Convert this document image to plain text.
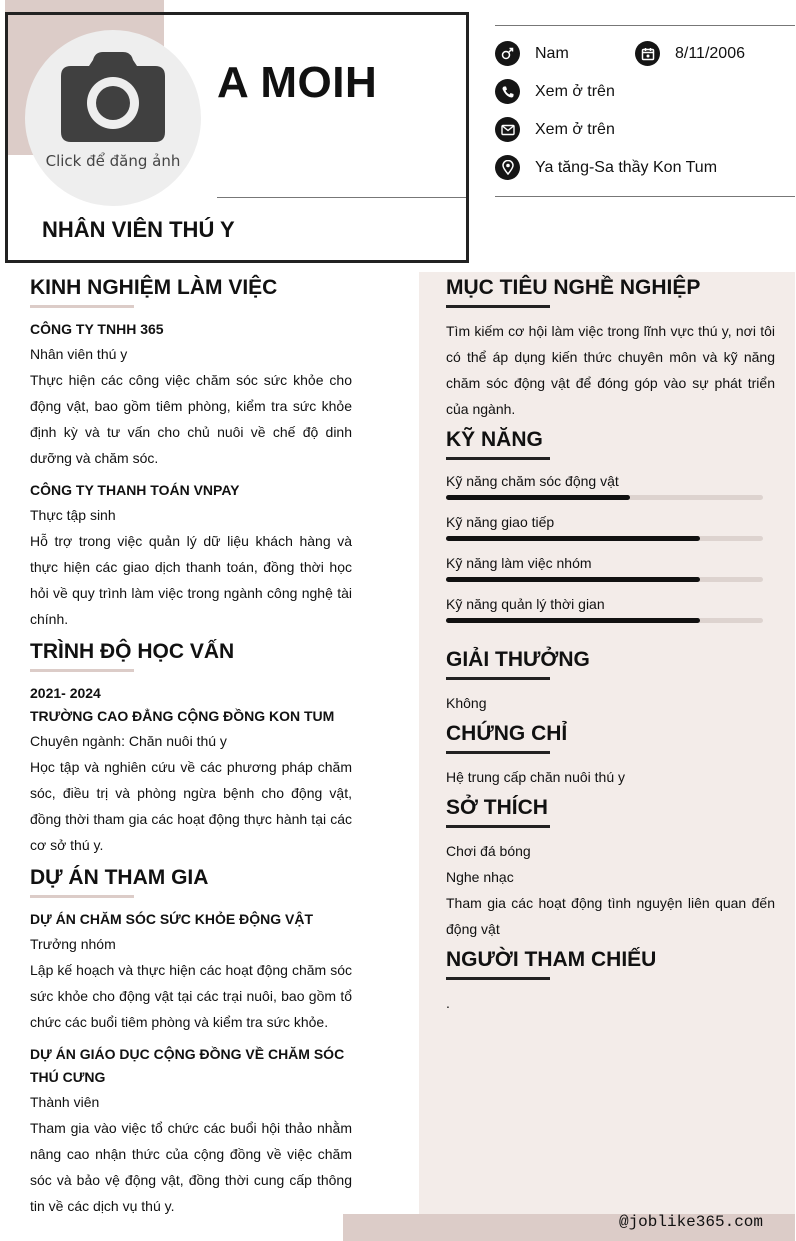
Click để đăng ảnh
A MOIH
NHÂN VIÊN THÚ Y
Nam	8/11/2006
Xem ở trên
Xem ở trên
Ya tăng-Sa thầy Kon Tum
@joblike365.com
KINH NGHIỆM LÀM VIỆC
CÔNG TY TNHH 365
Nhân viên thú y
Thực hiện các công việc chăm sóc sức khỏe cho động vật, bao gồm tiêm phòng, kiểm tra sức khỏe định kỳ và tư vấn cho chủ nuôi về chế độ dinh dưỡng và chăm sóc.
CÔNG TY THANH TOÁN VNPAY
Thực tập sinh
Hỗ trợ trong việc quản lý dữ liệu khách hàng và thực hiện các giao dịch thanh toán, đồng thời học hỏi về quy trình làm việc trong ngành công nghệ tài chính.
TRÌNH ĐỘ HỌC VẤN
2021- 2024
TRƯỜNG CAO ĐẲNG CỘNG ĐỒNG KON TUM
Chuyên ngành: Chăn nuôi thú y
Học tập và nghiên cứu về các phương pháp chăm sóc, điều trị và phòng ngừa bệnh cho động vật, đồng thời tham gia các hoạt động thực hành tại các cơ sở thú y.
DỰ ÁN THAM GIA
DỰ ÁN CHĂM SÓC SỨC KHỎE ĐỘNG VẬT
Trưởng nhóm
Lập kế hoạch và thực hiện các hoạt động chăm sóc sức khỏe cho động vật tại các trại nuôi, bao gồm tổ chức các buổi tiêm phòng và kiểm tra sức khỏe.
DỰ ÁN GIÁO DỤC CỘNG ĐỒNG VỀ CHĂM SÓC THÚ CƯNG
Thành viên
Tham gia vào việc tổ chức các buổi hội thảo nhằm nâng cao nhận thức của cộng đồng về việc chăm sóc và bảo vệ động vật, đồng thời cung cấp thông tin về các dịch vụ thú y.
MỤC TIÊU NGHỀ NGHIỆP
Tìm kiếm cơ hội làm việc trong lĩnh vực thú y, nơi tôi có thể áp dụng kiến thức chuyên môn và kỹ năng chăm sóc động vật để đóng góp vào sự phát triển của ngành.
KỸ NĂNG
Kỹ năng chăm sóc động vật
Kỹ năng giao tiếp
Kỹ năng làm việc nhóm
Kỹ năng quản lý thời gian
GIẢI THƯỞNG
Không
CHỨNG CHỈ
Hệ trung cấp chăn nuôi thú y
SỞ THÍCH
Chơi đá bóng
Nghe nhạc
Tham gia các hoạt động tình nguyện liên quan đến động vật
NGƯỜI THAM CHIẾU
.
